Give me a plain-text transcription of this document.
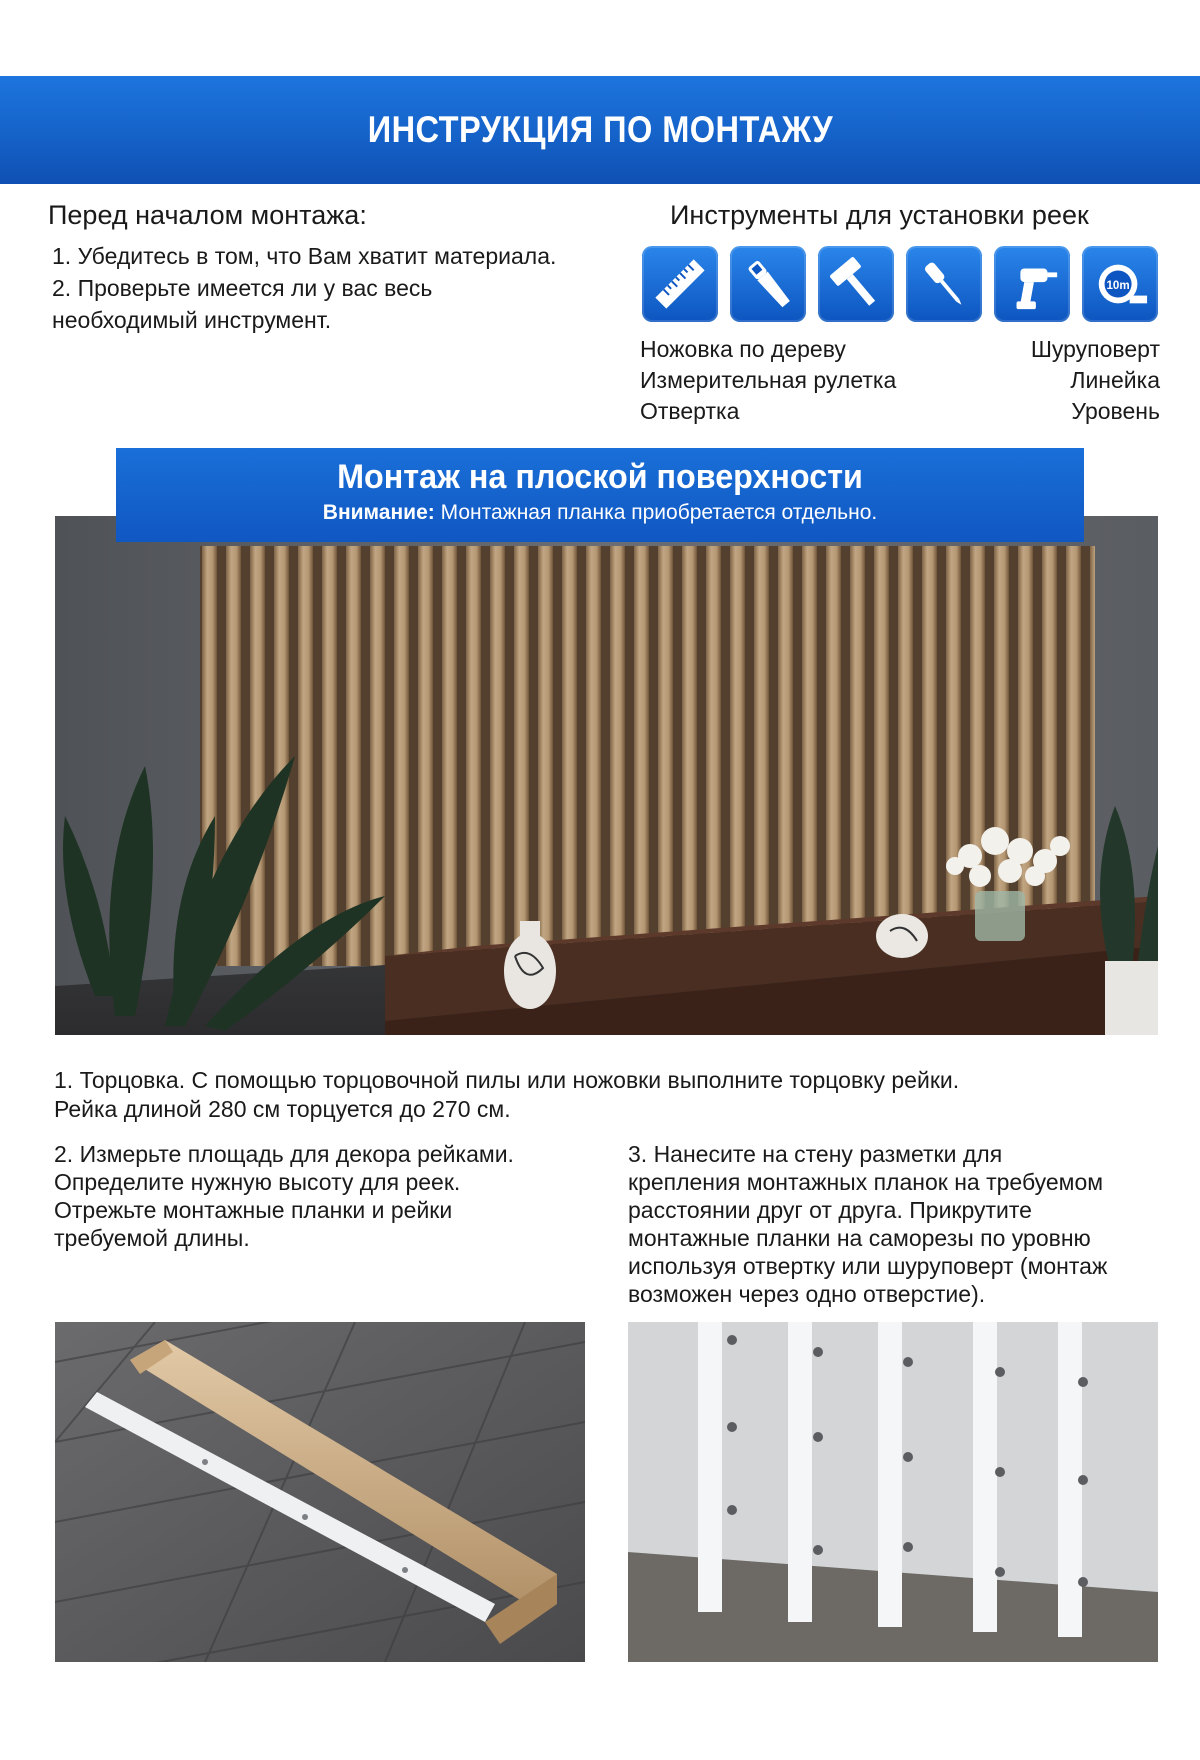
ИНСТРУКЦИЯ ПО МОНТАЖУ
Перед началом монтажа:
1. Убедитесь в том, что Вам хватит материала.
2. Проверьте имеется ли у вас весь
необходимый инструмент.
Инструменты для установки реек
10m
Ножовка по дереву
Измерительная рулетка
Отвертка
Шуруповерт
Линейка
Уровень
Монтаж на плоской поверхности
Внимание: Монтажная планка приобретается отдельно.
1. Торцовка. С помощью торцовочной пилы или ножовки выполните торцовку рейки.
Рейка длиной 280 см торцуется до 270 см.
2. Измерьте площадь для декора рейками.
Определите нужную высоту для реек.
Отрежьте монтажные планки и рейки
требуемой длины.
3. Нанесите на стену разметки для
крепления монтажных планок на требуемом
расстоянии друг от друга. Прикрутите
монтажные планки на саморезы по уровню
используя отвертку или шуруповерт (монтаж
возможен через одно отверстие).
